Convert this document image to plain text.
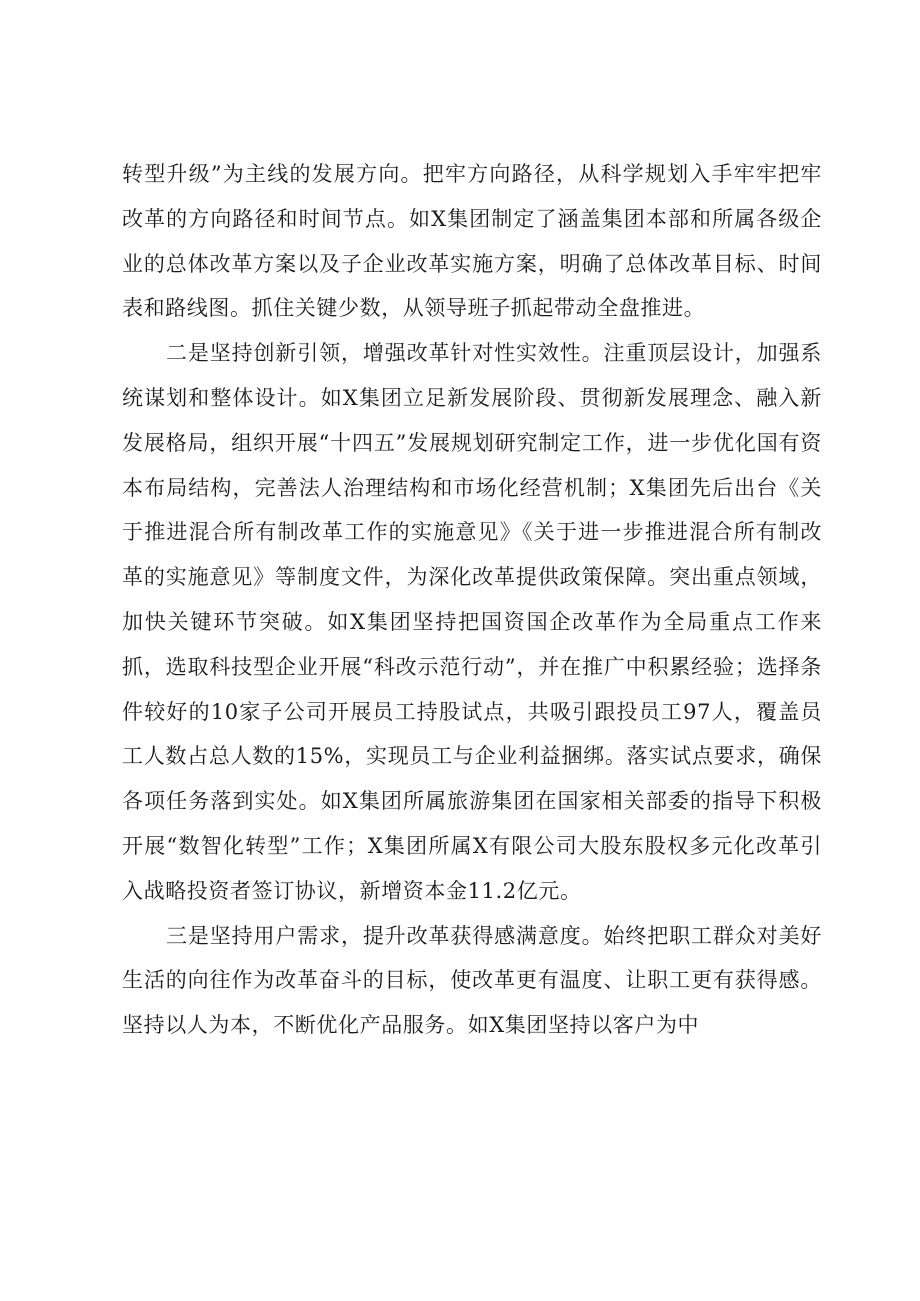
转型升级”为主线的发展方向。把牢方向路径，从科学规划入手牢牢把牢改革的方向路径和时间节点。如X集团制定了涵盖集团本部和所属各级企业的总体改革方案以及子企业改革实施方案，明确了总体改革目标、时间表和路线图。抓住关键少数，从领导班子抓起带动全盘推进。

二是坚持创新引领，增强改革针对性实效性。注重顶层设计，加强系统谋划和整体设计。如X集团立足新发展阶段、贯彻新发展理念、融入新发展格局，组织开展“十四五”发展规划研究制定工作，进一步优化国有资本布局结构，完善法人治理结构和市场化经营机制；X集团先后出台《关于推进混合所有制改革工作的实施意见》《关于进一步推进混合所有制改革的实施意见》等制度文件，为深化改革提供政策保障。突出重点领域，加快关键环节突破。如X集团坚持把国资国企改革作为全局重点工作来抓，选取科技型企业开展“科改示范行动”，并在推广中积累经验；选择条件较好的10家子公司开展员工持股试点，共吸引跟投员工97人，覆盖员工人数占总人数的15%，实现员工与企业利益捆绑。落实试点要求，确保各项任务落到实处。如X集团所属旅游集团在国家相关部委的指导下积极开展“数智化转型”工作；X集团所属X有限公司大股东股权多元化改革引入战略投资者签订协议，新增资本金11.2亿元。

三是坚持用户需求，提升改革获得感满意度。始终把职工群众对美好生活的向往作为改革奋斗的目标，使改革更有温度、让职工更有获得感。坚持以人为本，不断优化产品服务。如X集团坚持以客户为中
